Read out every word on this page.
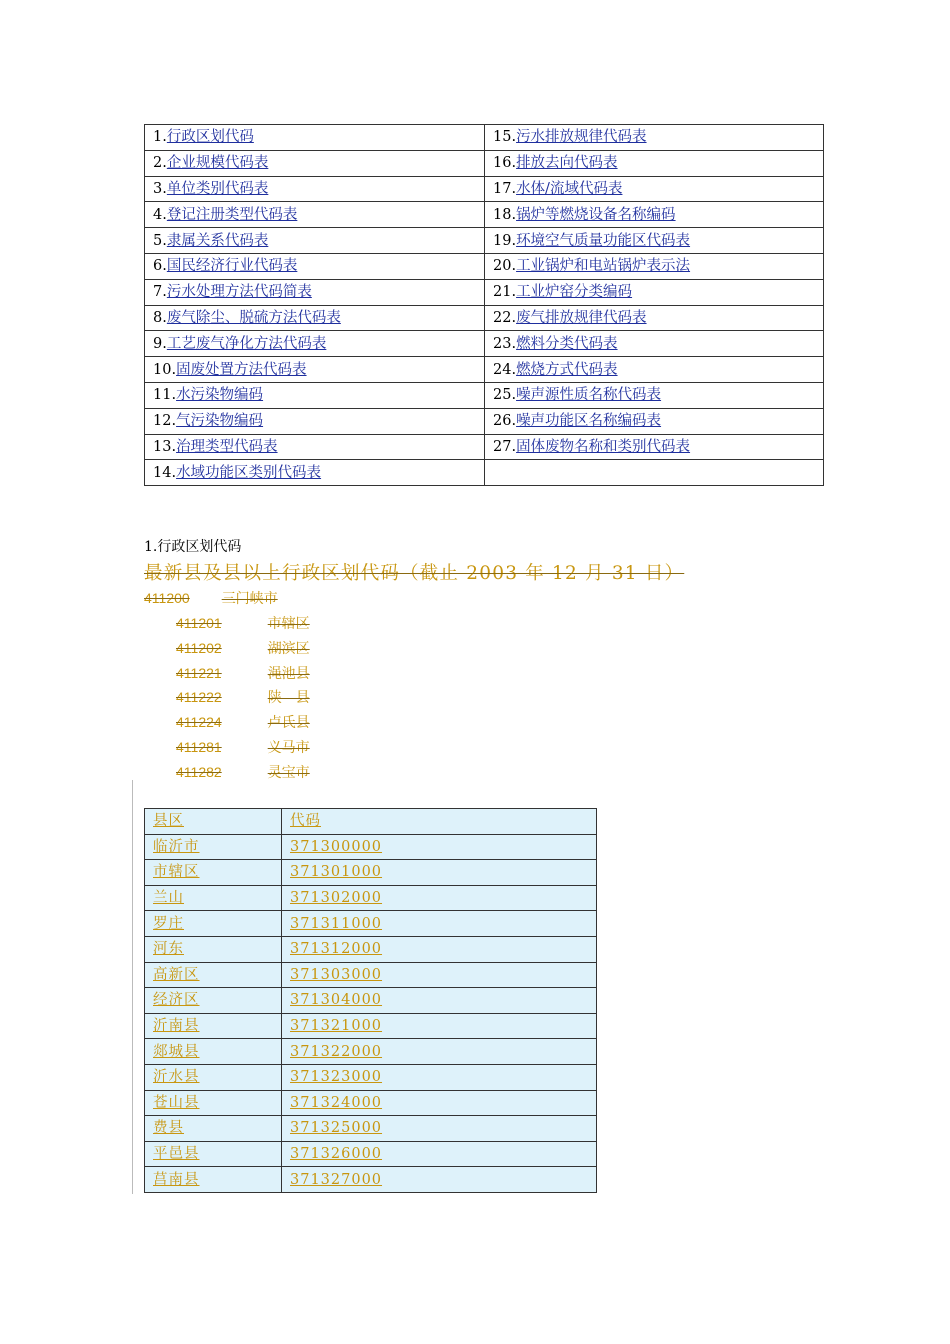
1.行政区划代码	15.污水排放规律代码表
2.企业规模代码表	16.排放去向代码表
3.单位类别代码表	17.水体/流域代码表
4.登记注册类型代码表	18.锅炉等燃烧设备名称编码
5.隶属关系代码表	19.环境空气质量功能区代码表
6.国民经济行业代码表	20.工业锅炉和电站锅炉表示法
7.污水处理方法代码简表	21.工业炉窑分类编码
8.废气除尘、脱硫方法代码表	22.废气排放规律代码表
9.工艺废气净化方法代码表	23.燃料分类代码表
10.固废处置方法代码表	24.燃烧方式代码表
11.水污染物编码	25.噪声源性质名称代码表
12.气污染物编码	26.噪声功能区名称编码表
13.治理类型代码表	27.固体废物名称和类别代码表
14.水域功能区类别代码表	
1.行政区划代码
最新县及县以上行政区划代码（截止 2003 年 12 月 31 日）
411200 三门峡市
411201	市辖区
411202	湖滨区
411221	渑池县
411222	陕　县
411224	卢氏县
411281	义马市
411282	灵宝市
县区	代码
临沂市	371300000
市辖区	371301000
兰山	371302000
罗庄	371311000
河东	371312000
高新区	371303000
经济区	371304000
沂南县	371321000
郯城县	371322000
沂水县	371323000
苍山县	371324000
费县	371325000
平邑县	371326000
莒南县	371327000
